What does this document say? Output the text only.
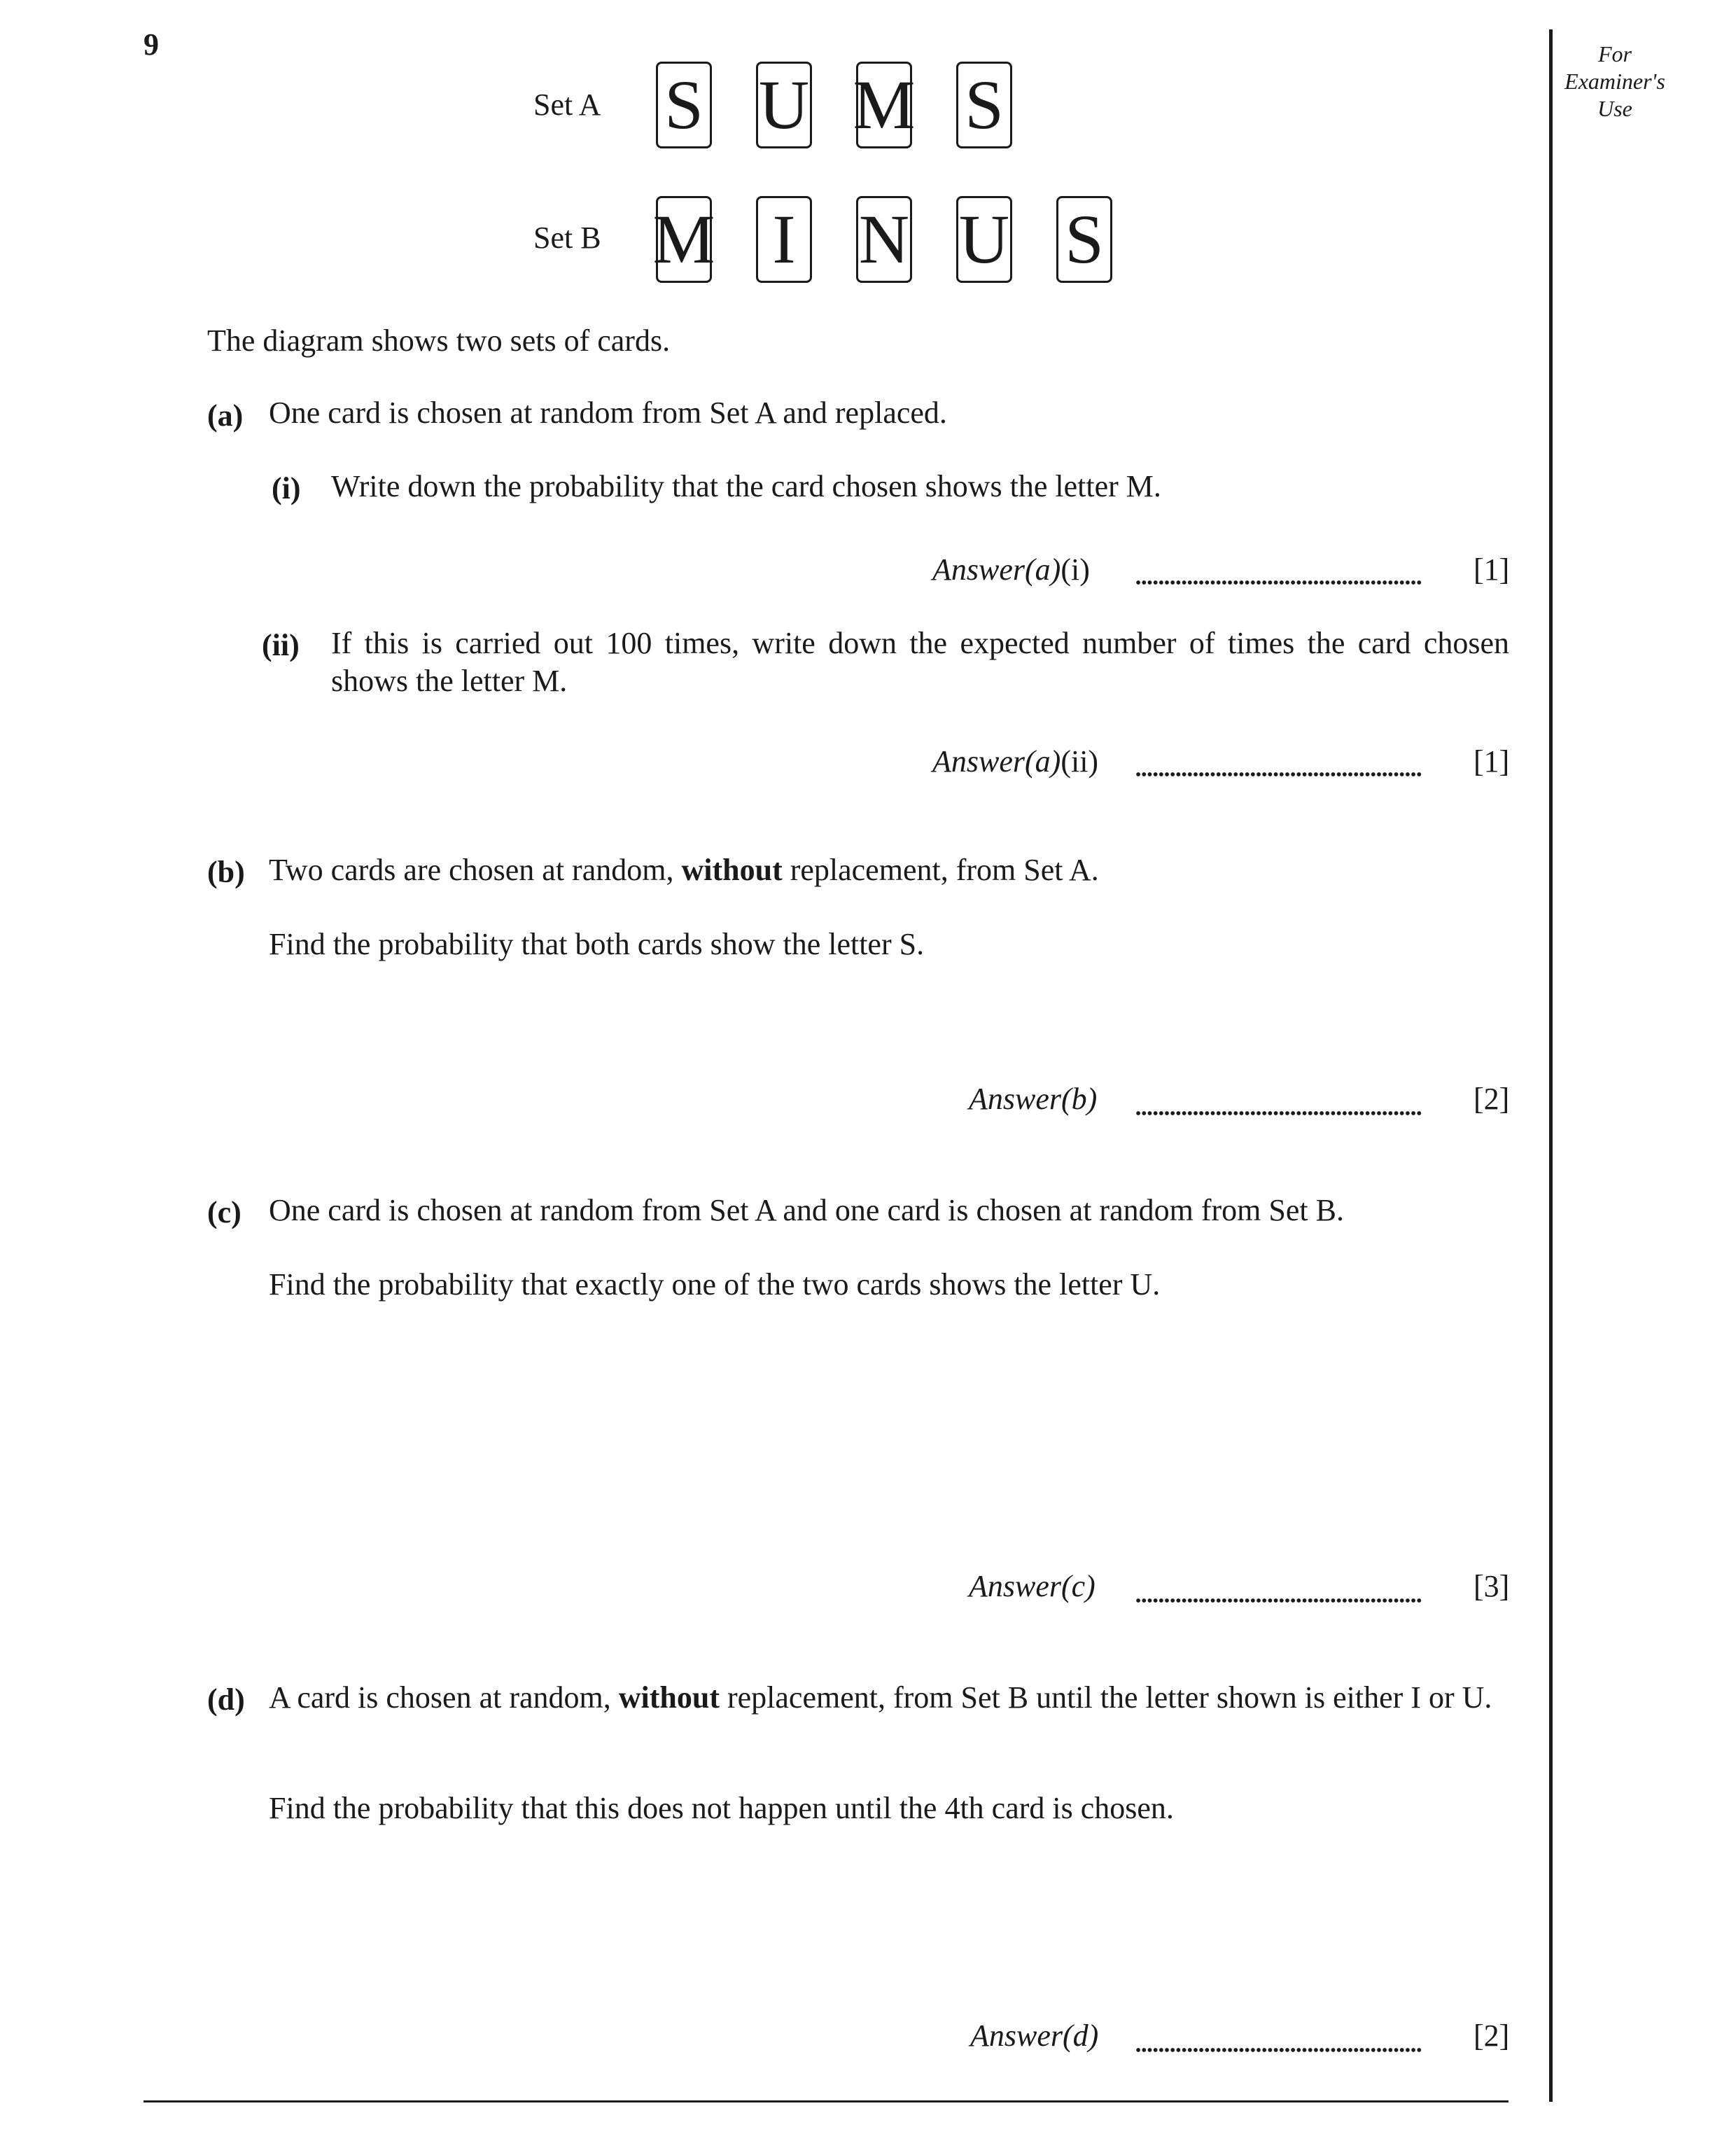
9	For Examiner's Use
Set A S U M S
Set B M I N U S
The diagram shows two sets of cards.
(a) One card is chosen at random from Set A and replaced.
(i) Write down the probability that the card chosen shows the letter M.
Answer(a)(i)	[1]
(ii) If this is carried out 100 times, write down the expected number of times the card chosen shows the letter M.
Answer(a)(ii)	[1]
(b) Two cards are chosen at random, without replacement, from Set A.
Find the probability that both cards show the letter S.
Answer(b)	[2]
(c) One card is chosen at random from Set A and one card is chosen at random from Set B.
Find the probability that exactly one of the two cards shows the letter U.
Answer(c)	[3]
(d) A card is chosen at random, without replacement, from Set B until the letter shown is either I or U.
Find the probability that this does not happen until the 4th card is chosen.
Answer(d)	[2]
